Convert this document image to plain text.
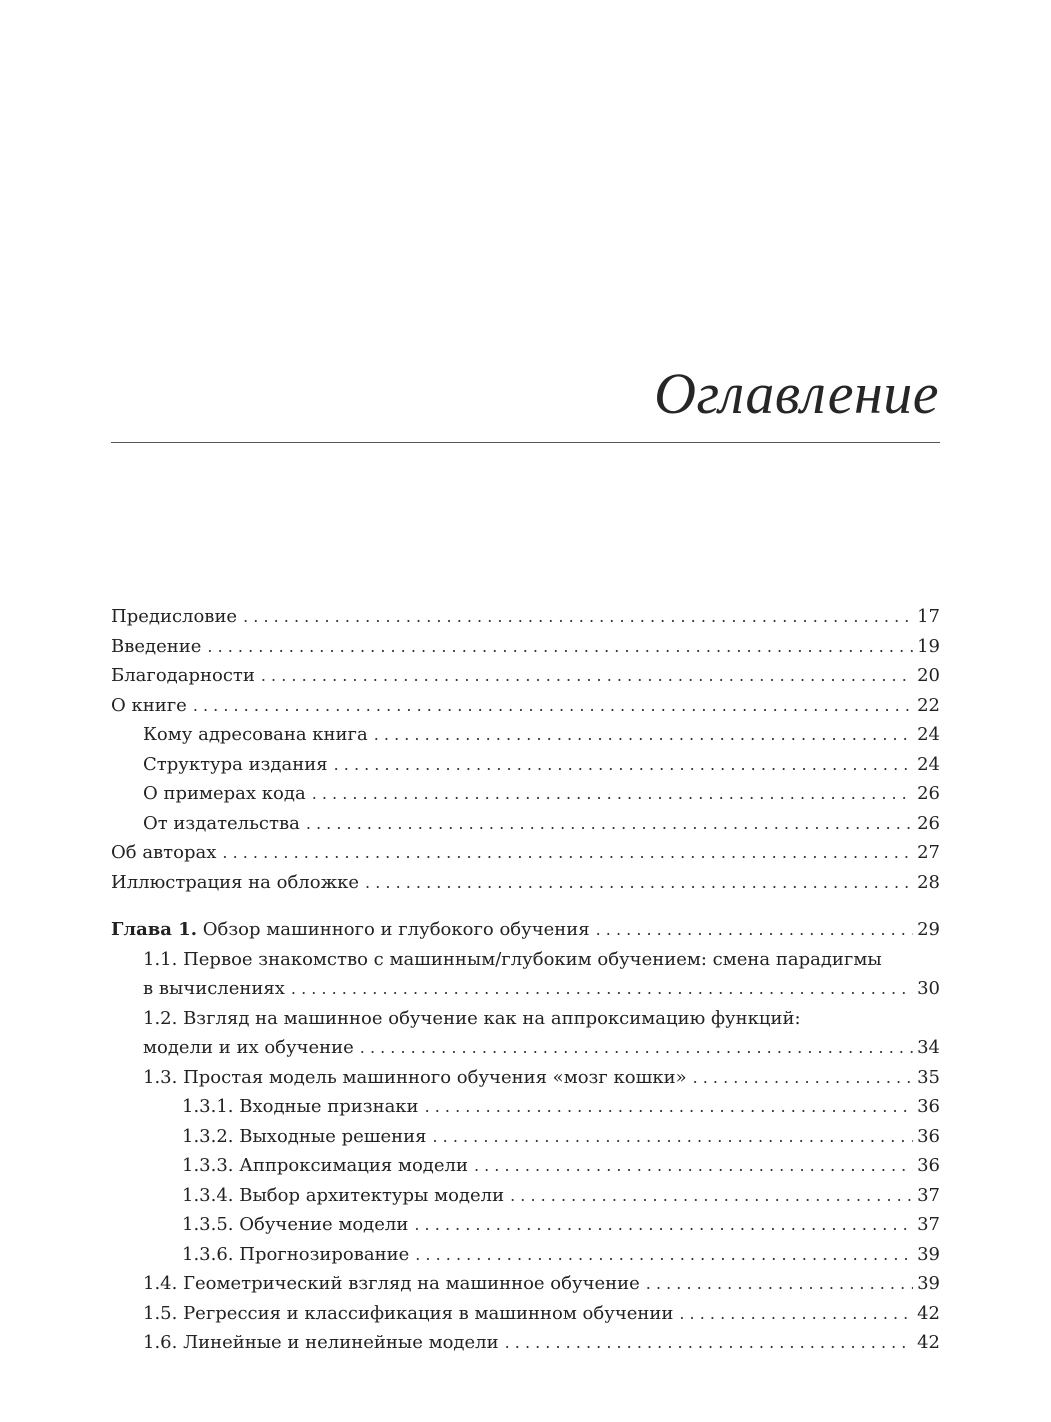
Оглавление
Предисловие . . .	17
Введение . . .	19
Благодарности . . .	20
О книге . . .	22
Кому адресована книга . . .	24
Структура издания . . .	24
О примерах кода . . .	26
От издательства . . .	26
Об авторах . . .	27
Иллюстрация на обложке . . .	28
Глава 1. Обзор машинного и глубокого обучения . . .	29
1.1. Первое знакомство с машинным/глубоким обучением: смена парадигмы
в вычислениях . . .	30
1.2. Взгляд на машинное обучение как на аппроксимацию функций:
модели и их обучение . . .	34
1.3. Простая модель машинного обучения «мозг кошки» . . .	35
1.3.1. Входные признаки . . .	36
1.3.2. Выходные решения . . .	36
1.3.3. Аппроксимация модели . . .	36
1.3.4. Выбор архитектуры модели . . .	37
1.3.5. Обучение модели . . .	37
1.3.6. Прогнозирование . . .	39
1.4. Геометрический взгляд на машинное обучение . . .	39
1.5. Регрессия и классификация в машинном обучении . . .	42
1.6. Линейные и нелинейные модели . . .	42
